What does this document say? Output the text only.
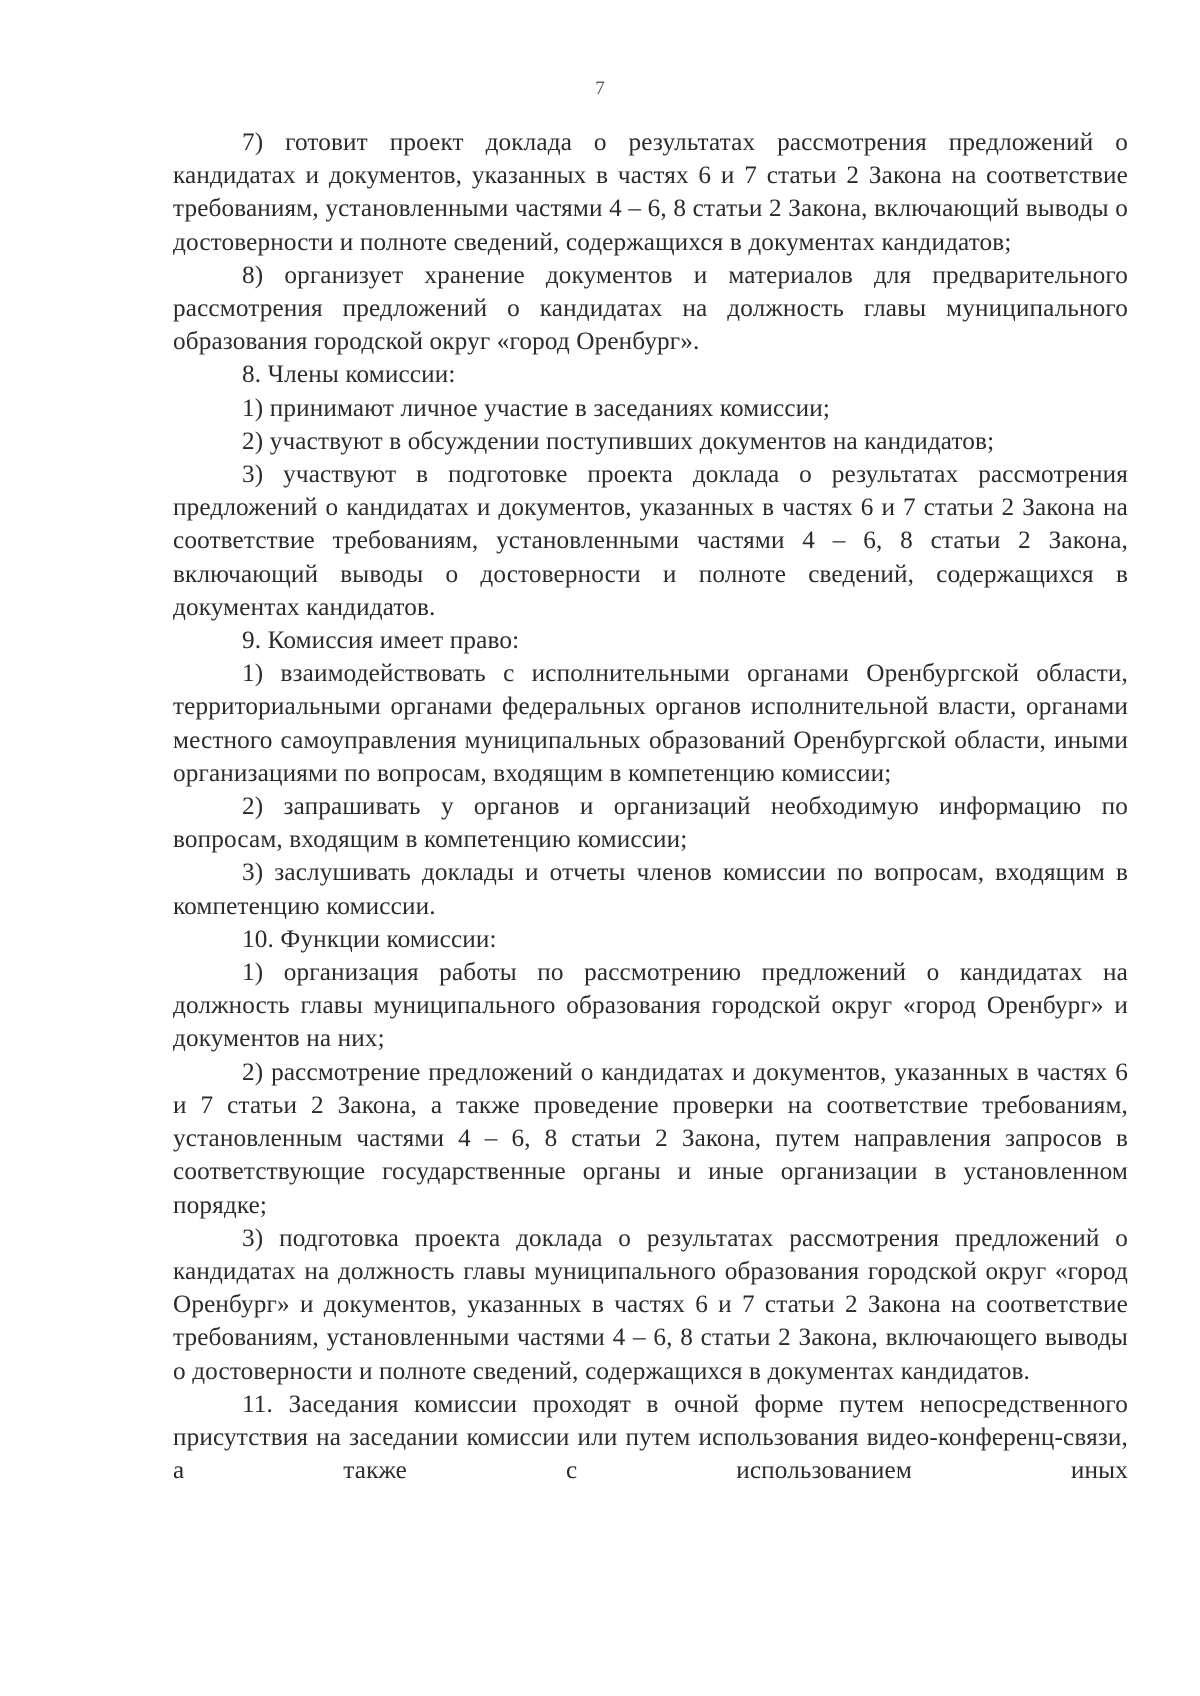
7

7) готовит проект доклада о результатах рассмотрения предложений о кандидатах и документов, указанных в частях 6 и 7 статьи 2 Закона на соответствие требованиям, установленными частями 4 – 6, 8 статьи 2 Закона, включающий выводы о достоверности и полноте сведений, содержащихся в документах кандидатов;

8) организует хранение документов и материалов для предварительного рассмотрения предложений о кандидатах на должность главы муниципального образования городской округ «город Оренбург».

8. Члены комиссии:

1) принимают личное участие в заседаниях комиссии;

2) участвуют в обсуждении поступивших документов на кандидатов;

3) участвуют в подготовке проекта доклада о результатах рассмотрения предложений о кандидатах и документов, указанных в частях 6 и 7 статьи 2 Закона на соответствие требованиям, установленными частями 4 – 6, 8 статьи 2 Закона, включающий выводы о достоверности и полноте сведений, содержащихся в документах кандидатов.

9. Комиссия имеет право:

1) взаимодействовать с исполнительными органами Оренбургской области, территориальными органами федеральных органов исполнительной власти, органами местного самоуправления муниципальных образований Оренбургской области, иными организациями по вопросам, входящим в компетенцию комиссии;

2) запрашивать у органов и организаций необходимую информацию по вопросам, входящим в компетенцию комиссии;

3) заслушивать доклады и отчеты членов комиссии по вопросам, входящим в компетенцию комиссии.

10. Функции комиссии:

1) организация работы по рассмотрению предложений о кандидатах на должность главы муниципального образования городской округ «город Оренбург» и документов на них;

2) рассмотрение предложений о кандидатах и документов, указанных в частях 6 и 7 статьи 2 Закона, а также проведение проверки на соответствие требованиям, установленным частями 4 – 6, 8 статьи 2 Закона, путем направления запросов в соответствующие государственные органы и иные организации в установленном порядке;

3) подготовка проекта доклада о результатах рассмотрения предложений о кандидатах на должность главы муниципального образования городской округ «город Оренбург» и документов, указанных в частях 6 и 7 статьи 2 Закона на соответствие требованиям, установленными частями 4 – 6, 8 статьи 2 Закона, включающего выводы о достоверности и полноте сведений, содержащихся в документах кандидатов.

11. Заседания комиссии проходят в очной форме путем непосредственного присутствия на заседании комиссии или путем использования видео-конференц-связи, а также с использованием иных
